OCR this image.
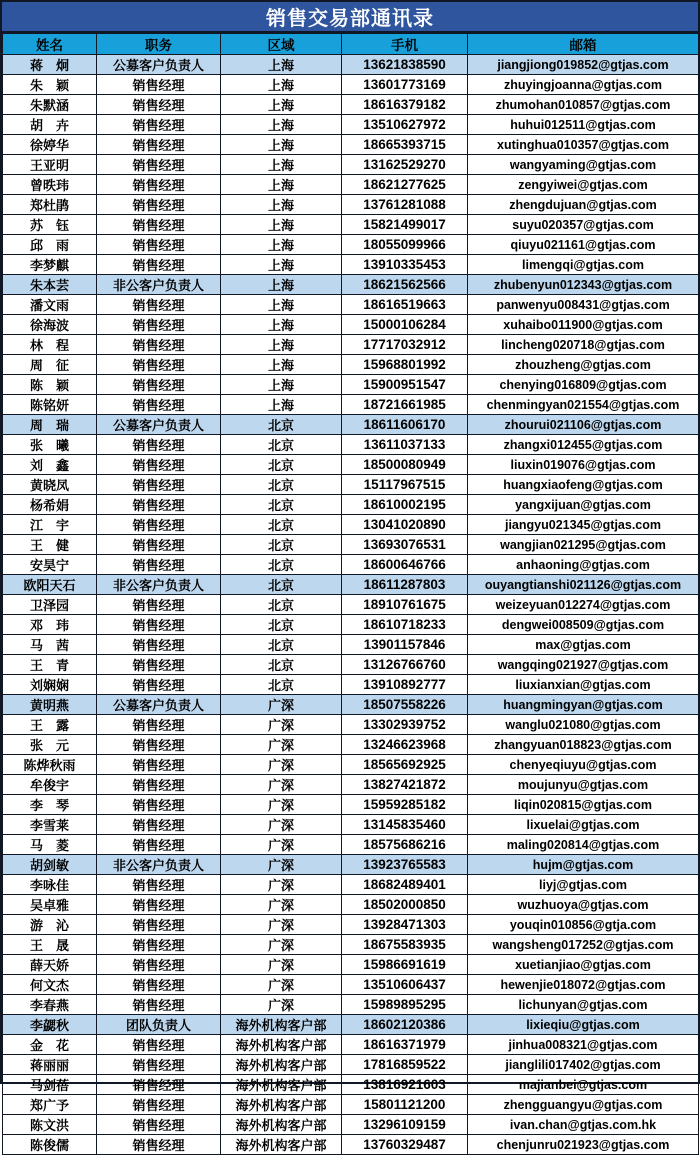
销售交易部通讯录
姓名	职务	区域	手机	邮箱
蒋　炯	公募客户负责人	上海	13621838590	jiangjiong019852@gtjas.com
朱　颖	销售经理	上海	13601773169	zhuyingjoanna@gtjas.com
朱默涵	销售经理	上海	18616379182	zhumohan010857@gtjas.com
胡　卉	销售经理	上海	13510627972	huhui012511@gtjas.com
徐婷华	销售经理	上海	18665393715	xutinghua010357@gtjas.com
王亚明	销售经理	上海	13162529270	wangyaming@gtjas.com
曾昳玮	销售经理	上海	18621277625	zengyiwei@gtjas.com
郑杜鹃	销售经理	上海	13761281088	zhengdujuan@gtjas.com
苏　钰	销售经理	上海	15821499017	suyu020357@gtjas.com
邱　雨	销售经理	上海	18055099966	qiuyu021161@gtjas.com
李梦麒	销售经理	上海	13910335453	limengqi@gtjas.com
朱本芸	非公客户负责人	上海	18621562566	zhubenyun012343@gtjas.com
潘文雨	销售经理	上海	18616519663	panwenyu008431@gtjas.com
徐海波	销售经理	上海	15000106284	xuhaibo011900@gtjas.com
林　程	销售经理	上海	17717032912	lincheng020718@gtjas.com
周　征	销售经理	上海	15968801992	zhouzheng@gtjas.com
陈　颖	销售经理	上海	15900951547	chenying016809@gtjas.com
陈铭妍	销售经理	上海	18721661985	chenmingyan021554@gtjas.com
周　瑞	公募客户负责人	北京	18611606170	zhourui021106@gtjas.com
张　曦	销售经理	北京	13611037133	zhangxi012455@gtjas.com
刘　鑫	销售经理	北京	18500080949	liuxin019076@gtjas.com
黄晓凤	销售经理	北京	15117967515	huangxiaofeng@gtjas.com
杨希娟	销售经理	北京	18610002195	yangxijuan@gtjas.com
江　宇	销售经理	北京	13041020890	jiangyu021345@gtjas.com
王　健	销售经理	北京	13693076531	wangjian021295@gtjas.com
安昊宁	销售经理	北京	18600646766	anhaoning@gtjas.com
欧阳天石	非公客户负责人	北京	18611287803	ouyangtianshi021126@gtjas.com
卫泽园	销售经理	北京	18910761675	weizeyuan012274@gtjas.com
邓　玮	销售经理	北京	18610718233	dengwei008509@gtjas.com
马　茜	销售经理	北京	13901157846	max@gtjas.com
王　青	销售经理	北京	13126766760	wangqing021927@gtjas.com
刘娴娴	销售经理	北京	13910892777	liuxianxian@gtjas.com
黄明燕	公募客户负责人	广深	18507558226	huangmingyan@gtjas.com
王　露	销售经理	广深	13302939752	wanglu021080@gtjas.com
张　元	销售经理	广深	13246623968	zhangyuan018823@gtjas.com
陈烨秋雨	销售经理	广深	18565692925	chenyeqiuyu@gtjas.com
牟俊宇	销售经理	广深	13827421872	moujunyu@gtjas.com
李　琴	销售经理	广深	15959285182	liqin020815@gtjas.com
李雪莱	销售经理	广深	13145835460	lixuelai@gtjas.com
马　菱	销售经理	广深	18575686216	maling020814@gtjas.com
胡剑敏	非公客户负责人	广深	13923765583	hujm@gtjas.com
李咏佳	销售经理	广深	18682489401	liyj@gtjas.com
吴卓雅	销售经理	广深	18502000850	wuzhuoya@gtjas.com
游　沁	销售经理	广深	13928471303	youqin010856@gtja.com
王　晟	销售经理	广深	18675583935	wangsheng017252@gtjas.com
薛天娇	销售经理	广深	15986691619	xuetianjiao@gtjas.com
何文杰	销售经理	广深	13510606437	hewenjie018072@gtjas.com
李春燕	销售经理	广深	15989895295	lichunyan@gtjas.com
李勰秋	团队负责人	海外机构客户部	18602120386	lixieqiu@gtjas.com
金　花	销售经理	海外机构客户部	18616371979	jinhua008321@gtjas.com
蒋丽丽	销售经理	海外机构客户部	17816859522	jianglili017402@gtjas.com
马剑蓓	销售经理	海外机构客户部	13816921603	majianbei@gtjas.com
郑广予	销售经理	海外机构客户部	15801121200	zhengguangyu@gtjas.com
陈文洪	销售经理	海外机构客户部	13296109159	ivan.chan@gtjas.com.hk
陈俊儒	销售经理	海外机构客户部	13760329487	chenjunru021923@gtjas.com
